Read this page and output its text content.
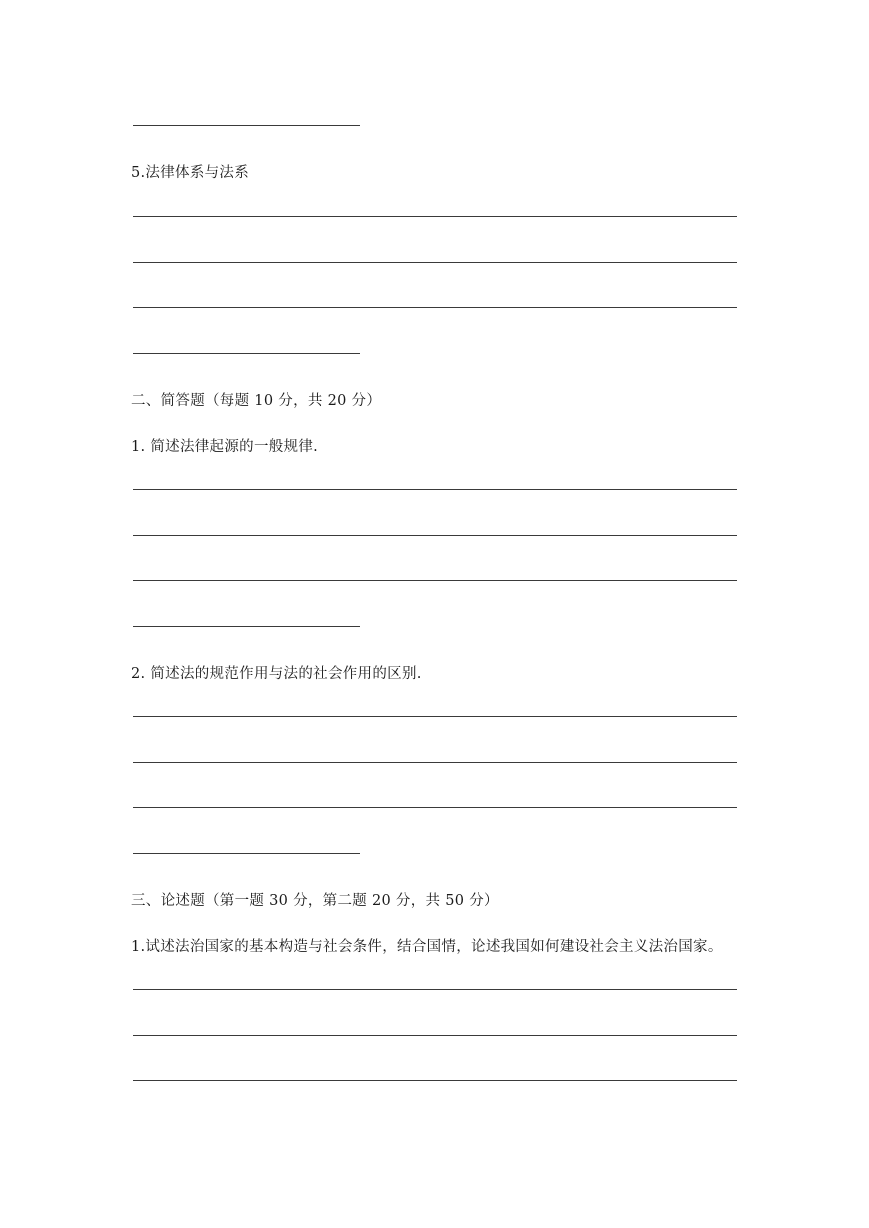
5.法律体系与法系
二、简答题（每题 10 分，共 20 分）
1. 简述法律起源的一般规律.
2. 简述法的规范作用与法的社会作用的区别.
三、论述题（第一题 30 分，第二题 20 分，共 50 分）
1.试述法治国家的基本构造与社会条件，结合国情，论述我国如何建设社会主义法治国家。
